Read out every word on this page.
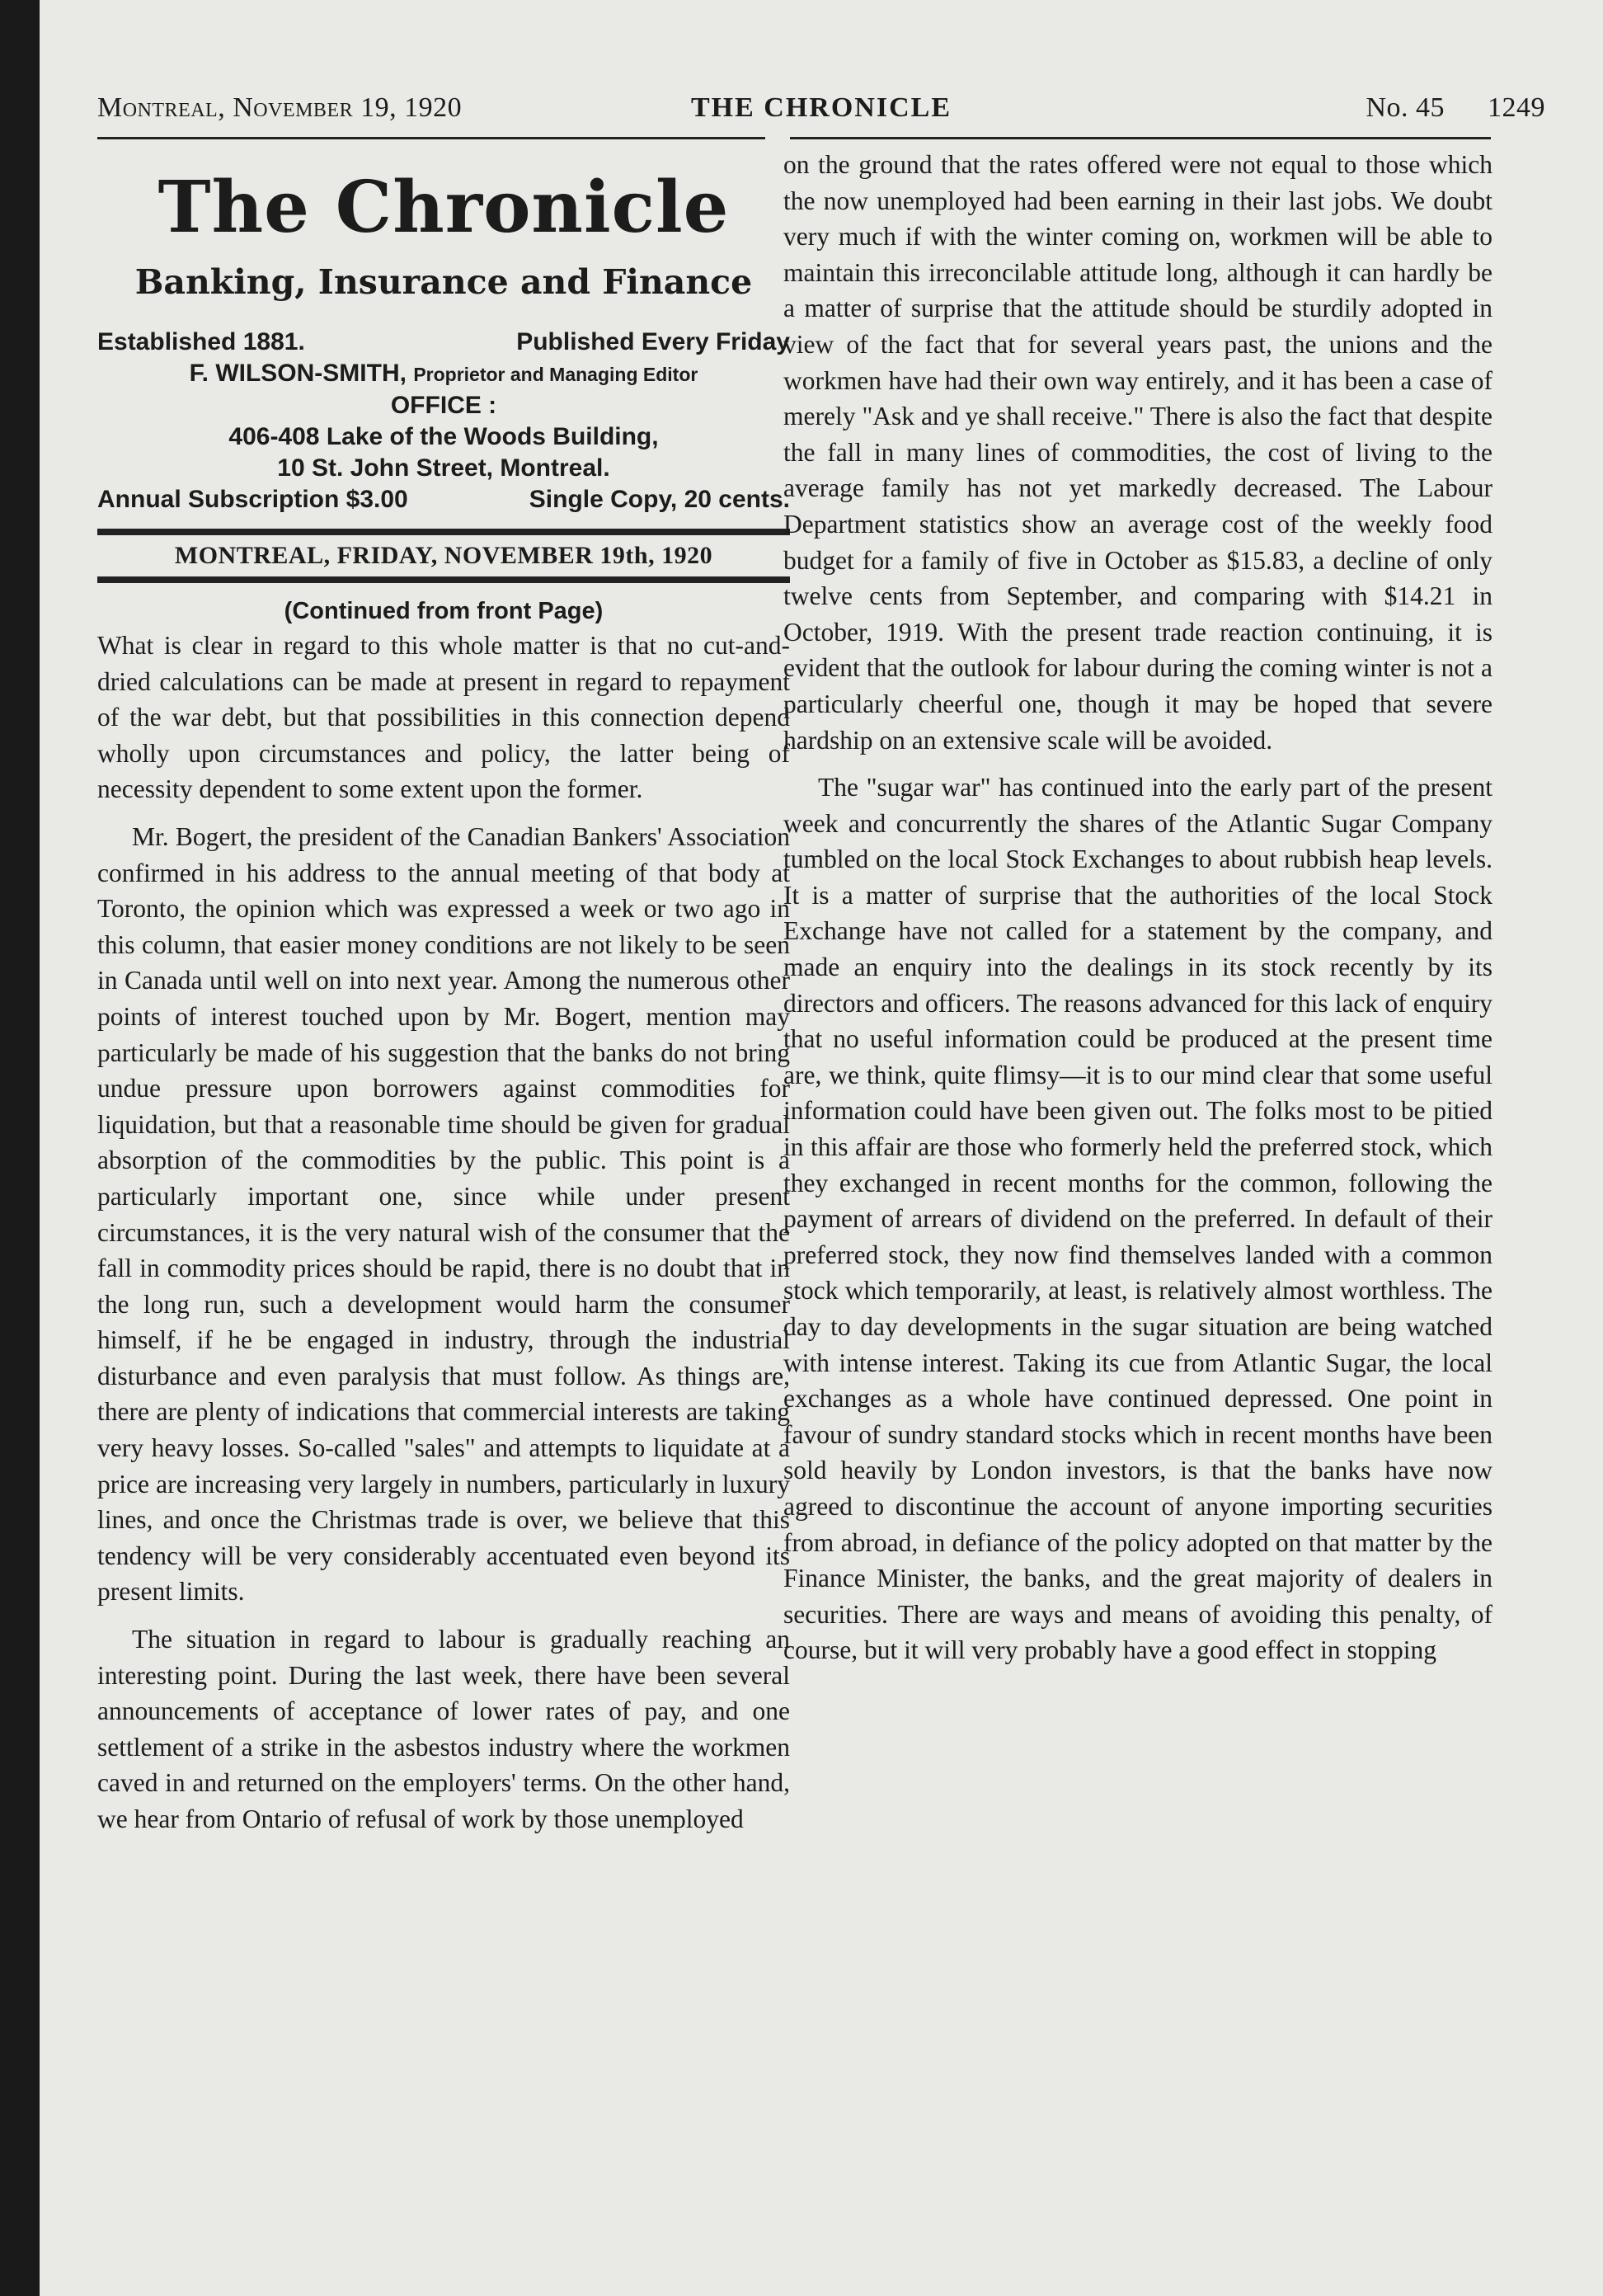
Montreal, November 19, 1920	THE CHRONICLE	No. 45 1249
The Chronicle
Banking, Insurance and Finance
Established 1881.	Published Every Friday
F. WILSON-SMITH, Proprietor and Managing Editor
OFFICE :
406-408 Lake of the Woods Building,
10 St. John Street, Montreal.
Annual Subscription $3.00	Single Copy, 20 cents.
MONTREAL, FRIDAY, NOVEMBER 19th, 1920
(Continued from front Page)

What is clear in regard to this whole matter is that no cut-and-dried calculations can be made at present in regard to repayment of the war debt, but that possibilities in this connection depend wholly upon circumstances and policy, the latter being of necessity dependent to some extent upon the former.

Mr. Bogert, the president of the Canadian Bankers' Association confirmed in his address to the annual meeting of that body at Toronto, the opinion which was expressed a week or two ago in this column, that easier money conditions are not likely to be seen in Canada until well on into next year. Among the numerous other points of interest touched upon by Mr. Bogert, mention may particularly be made of his suggestion that the banks do not bring undue pressure upon borrowers against commodities for liquidation, but that a reasonable time should be given for gradual absorption of the commodities by the public. This point is a particularly important one, since while under present circumstances, it is the very natural wish of the consumer that the fall in commodity prices should be rapid, there is no doubt that in the long run, such a development would harm the consumer himself, if he be engaged in industry, through the industrial disturbance and even paralysis that must follow. As things are, there are plenty of indications that commercial interests are taking very heavy losses. So-called "sales" and attempts to liquidate at a price are increasing very largely in numbers, particularly in luxury lines, and once the Christmas trade is over, we believe that this tendency will be very considerably accentuated even beyond its present limits.

The situation in regard to labour is gradually reaching an interesting point. During the last week, there have been several announcements of acceptance of lower rates of pay, and one settlement of a strike in the asbestos industry where the workmen caved in and returned on the employers' terms. On the other hand, we hear from Ontario of refusal of work by those unemployed

on the ground that the rates offered were not equal to those which the now unemployed had been earning in their last jobs. We doubt very much if with the winter coming on, workmen will be able to maintain this irreconcilable attitude long, although it can hardly be a matter of surprise that the attitude should be sturdily adopted in view of the fact that for several years past, the unions and the workmen have had their own way entirely, and it has been a case of merely "Ask and ye shall receive." There is also the fact that despite the fall in many lines of commodities, the cost of living to the average family has not yet markedly decreased. The Labour Department statistics show an average cost of the weekly food budget for a family of five in October as $15.83, a decline of only twelve cents from September, and comparing with $14.21 in October, 1919. With the present trade reaction continuing, it is evident that the outlook for labour during the coming winter is not a particularly cheerful one, though it may be hoped that severe hardship on an extensive scale will be avoided.

The "sugar war" has continued into the early part of the present week and concurrently the shares of the Atlantic Sugar Company tumbled on the local Stock Exchanges to about rubbish heap levels. It is a matter of surprise that the authorities of the local Stock Exchange have not called for a statement by the company, and made an enquiry into the dealings in its stock recently by its directors and officers. The reasons advanced for this lack of enquiry that no useful information could be produced at the present time are, we think, quite flimsy—it is to our mind clear that some useful information could have been given out. The folks most to be pitied in this affair are those who formerly held the preferred stock, which they exchanged in recent months for the common, following the payment of arrears of dividend on the preferred. In default of their preferred stock, they now find themselves landed with a common stock which temporarily, at least, is relatively almost worthless. The day to day developments in the sugar situation are being watched with intense interest. Taking its cue from Atlantic Sugar, the local exchanges as a whole have continued depressed. One point in favour of sundry standard stocks which in recent months have been sold heavily by London investors, is that the banks have now agreed to discontinue the account of anyone importing securities from abroad, in defiance of the policy adopted on that matter by the Finance Minister, the banks, and the great majority of dealers in securities. There are ways and means of avoiding this penalty, of course, but it will very probably have a good effect in stopping
